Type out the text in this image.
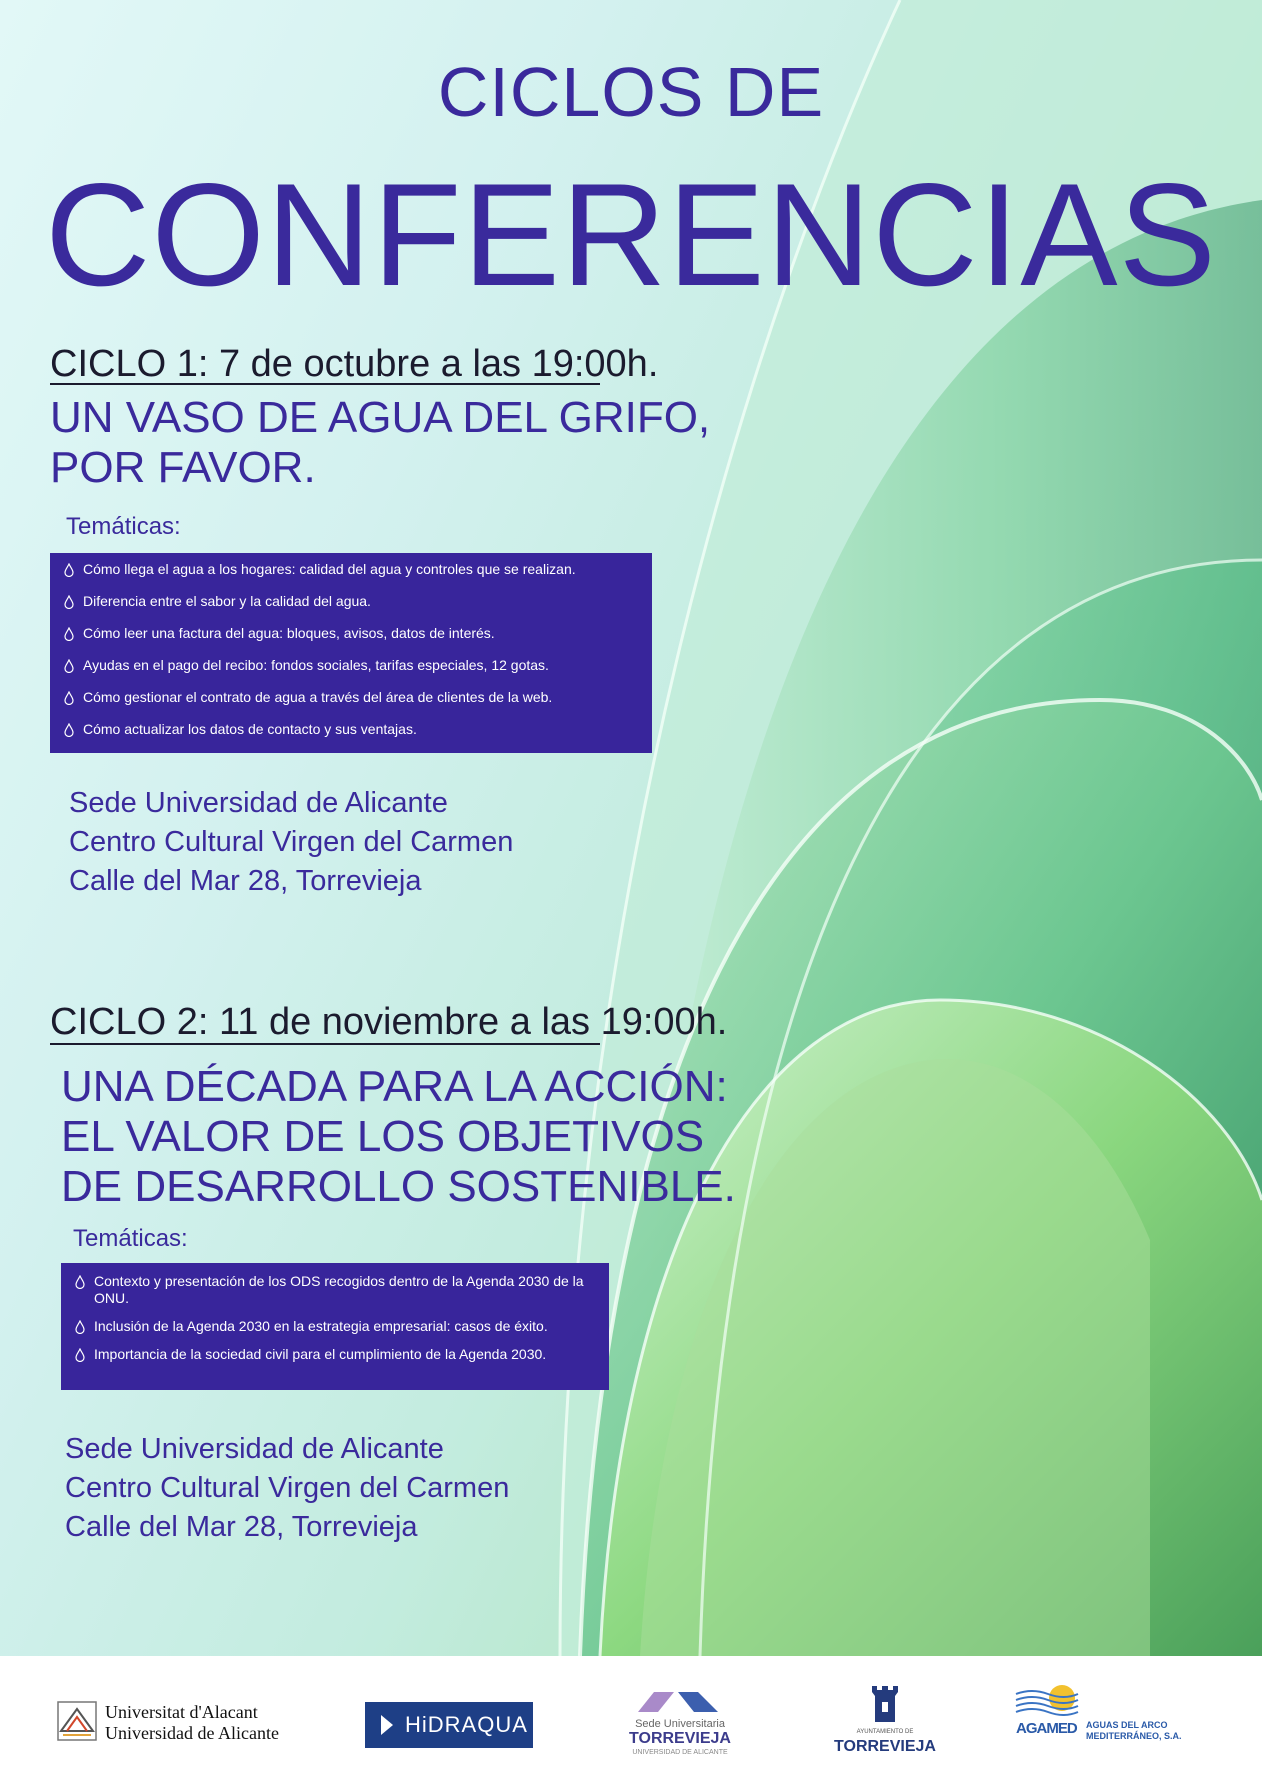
CICLOS DE
CONFERENCIAS
CICLO 1: 7 de octubre a las 19:00h.
UN VASO DE AGUA DEL GRIFO,
POR FAVOR.
Temáticas:
Cómo llega el agua a los hogares: calidad del agua y controles que se realizan.
Diferencia entre el sabor y la calidad del agua.
Cómo leer una factura del agua: bloques, avisos, datos de interés.
Ayudas en el pago del recibo: fondos sociales, tarifas especiales, 12 gotas.
Cómo gestionar el contrato de agua a través del área de clientes de la web.
Cómo actualizar los datos de contacto y sus ventajas.
Sede Universidad de Alicante
Centro Cultural Virgen del Carmen
Calle del Mar 28, Torrevieja
CICLO 2: 11 de noviembre a las 19:00h.
UNA DÉCADA PARA LA ACCIÓN:
EL VALOR DE LOS OBJETIVOS
DE DESARROLLO SOSTENIBLE.
Temáticas:
Contexto y presentación de los ODS recogidos dentro de la Agenda 2030 de la ONU.
Inclusión de la Agenda 2030 en la estrategia empresarial: casos de éxito.
Importancia de la sociedad civil para el cumplimiento de la Agenda 2030.
Sede Universidad de Alicante
Centro Cultural Virgen del Carmen
Calle del Mar 28, Torrevieja
Universitat d'Alacant
Universidad de Alicante	HiDRAQUA	Sede Universitaria
TORREVIEJA
UNIVERSIDAD DE ALICANTE
AYUNTAMIENTO DE
TORREVIEJA
AGAMED AGUAS DEL ARCO
MEDITERRÁNEO, S.A.
